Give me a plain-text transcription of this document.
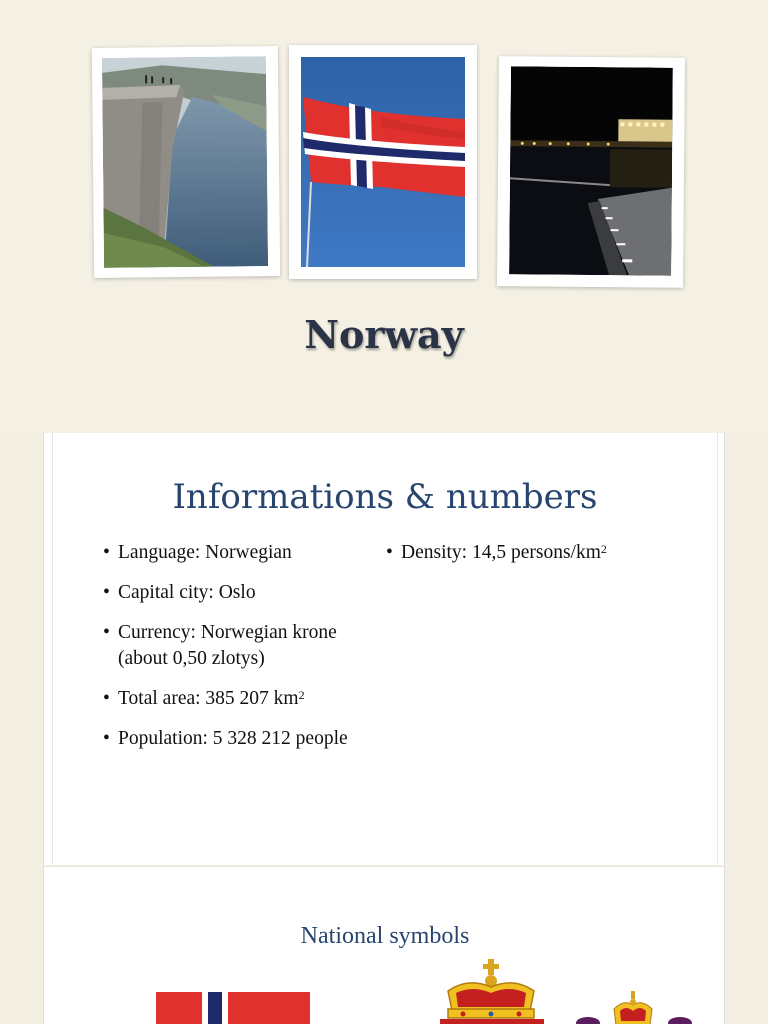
Norway
Informations & numbers
• Language: Norwegian
• Capital city: Oslo
• Currency: Norwegian krone (about 0,50 zlotys)
• Total area: 385 207 $km^2$
• Population: 5 328 212 people
• Density: 14,5 persons/$km^2$
National symbols
